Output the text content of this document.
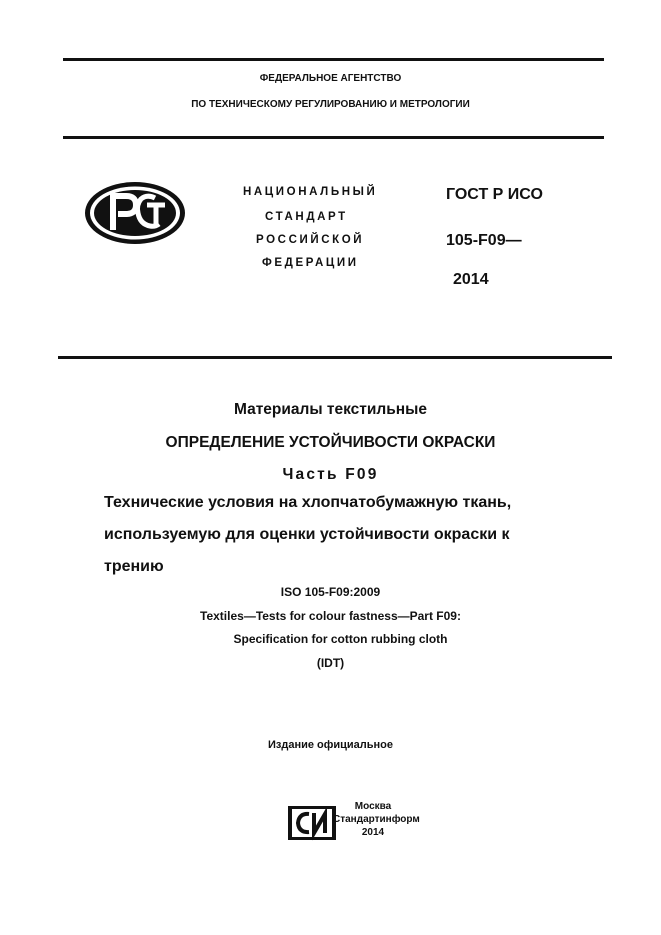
ФЕДЕРАЛЬНОЕ АГЕНТСТВО
ПО ТЕХНИЧЕСКОМУ РЕГУЛИРОВАНИЮ И МЕТРОЛОГИИ
НАЦИОНАЛЬНЫЙ
СТАНДАРТ
РОССИЙСКОЙ
ФЕДЕРАЦИИ
ГОСТ Р ИСО
105-F09—
2014
Материалы текстильные
ОПРЕДЕЛЕНИЕ УСТОЙЧИВОСТИ ОКРАСКИ
Часть F09
Технические условия на хлопчатобумажную ткань,
используемую для оценки устойчивости окраски к
трению
ISO 105-F09:2009
Textiles—Tests for colour fastness—Part F09:
Specification for cotton rubbing cloth
(IDT)
Издание официальное
Москва
Стандартинформ
2014
